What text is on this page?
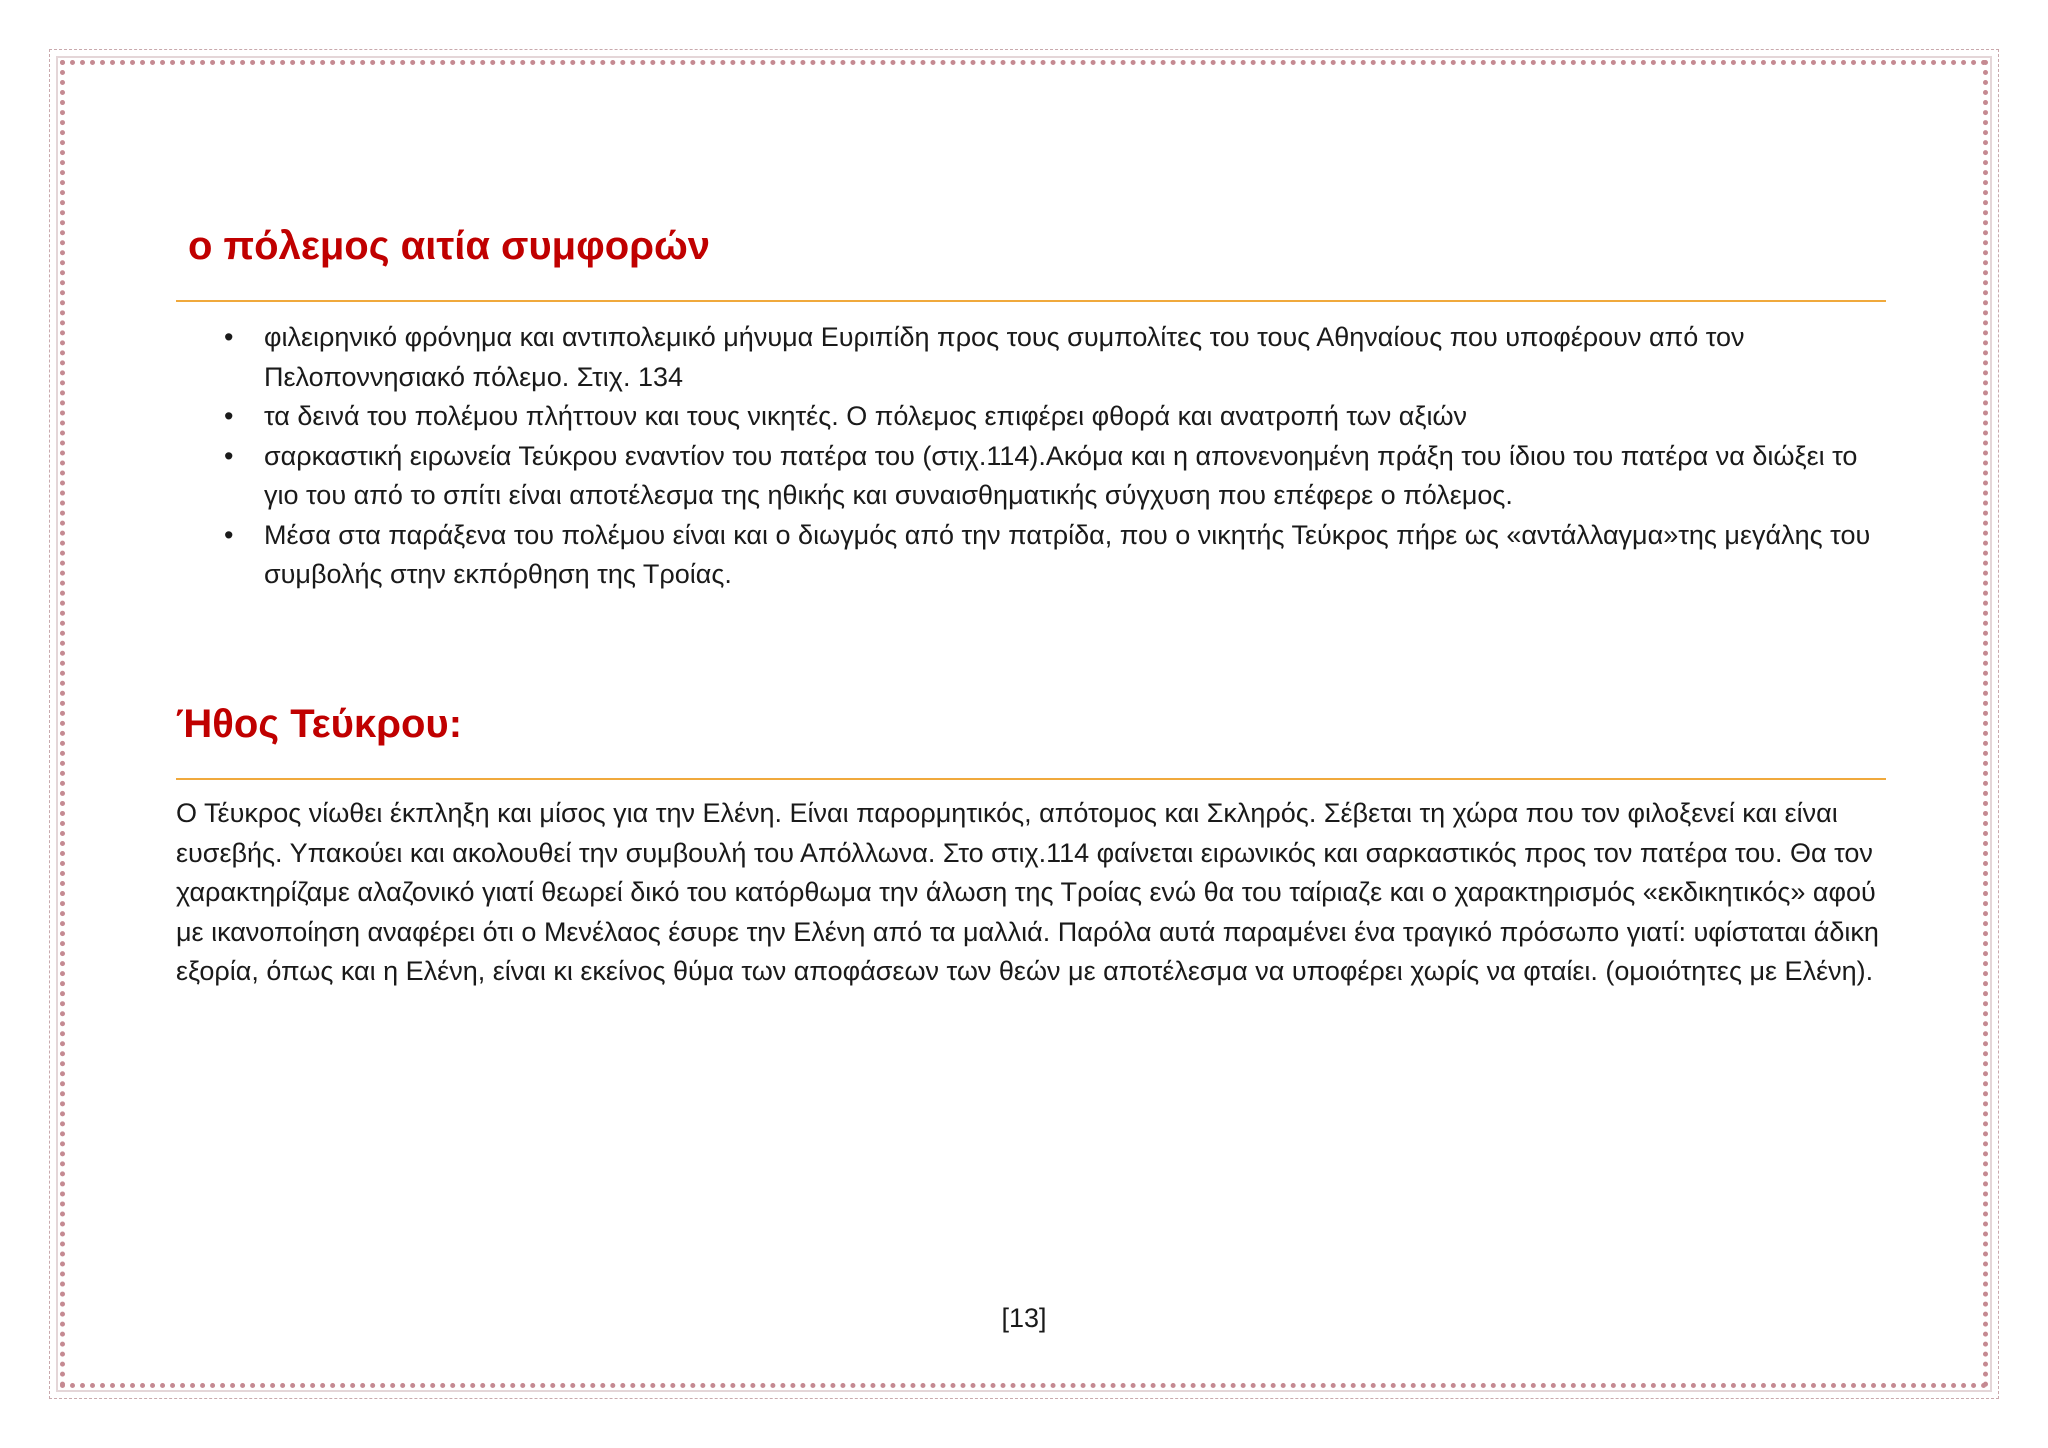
ο πόλεμος αιτία συμφορών
• φιλειρηνικό φρόνημα και αντιπολεμικό μήνυμα Ευριπίδη προς τους συμπολίτες του τους Αθηναίους που υποφέρουν από τον Πελοποννησιακό πόλεμο. Στιχ. 134
• τα δεινά του πολέμου πλήττουν και τους νικητές. Ο πόλεμος επιφέρει φθορά και ανατροπή των αξιών
• σαρκαστική ειρωνεία Τεύκρου εναντίον του πατέρα του (στιχ.114).Ακόμα και η απονενοημένη πράξη του ίδιου του πατέρα να διώξει το γιο του από το σπίτι είναι αποτέλεσμα της ηθικής και συναισθηματικής σύγχυση που επέφερε ο πόλεμος.
• Μέσα στα παράξενα του πολέμου είναι και ο διωγμός από την πατρίδα, που ο νικητής Τεύκρος πήρε ως «αντάλλαγμα»της μεγάλης του συμβολής στην εκπόρθηση της Τροίας.
Ήθος Τεύκρου:

Ο Τέυκρος νίωθει έκπληξη και μίσος για την Ελένη. Είναι παρορμητικός, απότομος και Σκληρός. Σέβεται τη χώρα που τον φιλοξενεί και είναι ευσεβής. Υπακούει και ακολουθεί την συμβουλή του Απόλλωνα. Στο στιχ.114 φαίνεται ειρωνικός και σαρκαστικός προς τον πατέρα του. Θα τον χαρακτηρίζαμε αλαζονικό γιατί θεωρεί δικό του κατόρθωμα την άλωση της Τροίας ενώ θα του ταίριαζε και ο χαρακτηρισμός «εκδικητικός» αφού με ικανοποίηση αναφέρει ότι ο Μενέλαος έσυρε την Ελένη από τα μαλλιά. Παρόλα αυτά παραμένει ένα τραγικό πρόσωπο γιατί: υφίσταται άδικη εξορία, όπως και η Ελένη, είναι κι εκείνος θύμα των αποφάσεων των θεών με αποτέλεσμα να υποφέρει χωρίς να φταίει. (ομοιότητες με Ελένη).

[13]
